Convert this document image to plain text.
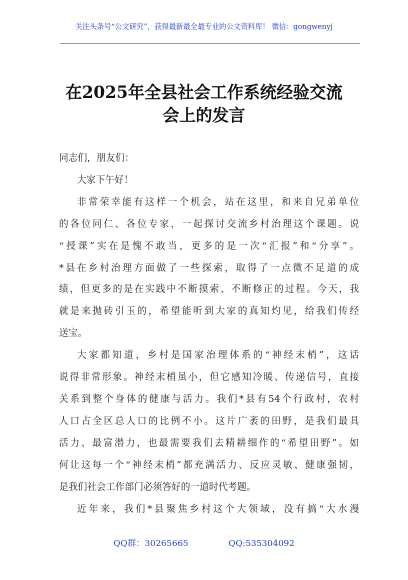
关注头条号“公文研究”，获得最新最全最专业的公文资料库！ 微信：gongwenyj
在2025年全县社会工作系统经验交流
会上的发言

同志们，朋友们：

大家下午好！

非常荣幸能有这样一个机会，站在这里，和来自兄弟单位
的各位同仁、各位专家，一起探讨交流乡村治理这个课题。说
“授课”实在是愧不敢当，更多的是一次“汇报”和“分享”。
*县在乡村治理方面做了一些探索，取得了一点微不足道的成
绩，但更多的是在实践中不断摸索、不断修正的过程。今天，我
就是来抛砖引玉的，希望能听到大家的真知灼见，给我们传经
送宝。

大家都知道，乡村是国家治理体系的“神经末梢”，这话
说得非常形象。神经末梢虽小，但它感知冷暖、传递信号，直接
关系到整个身体的健康与活力。我们*县有54个行政村，农村
人口占全区总人口的比例不小。这片广袤的田野，是我们最具
活力、最富潜力，也最需要我们去精耕细作的“希望田野”。如
何让这每一个“神经末梢”都充满活力、反应灵敏、健康强韧，
是我们社会工作部门必须答好的一道时代考题。

近年来，我们*县聚焦乡村这个大领域，没有搞“大水漫

QQ群：30265665	QQ:535304092
